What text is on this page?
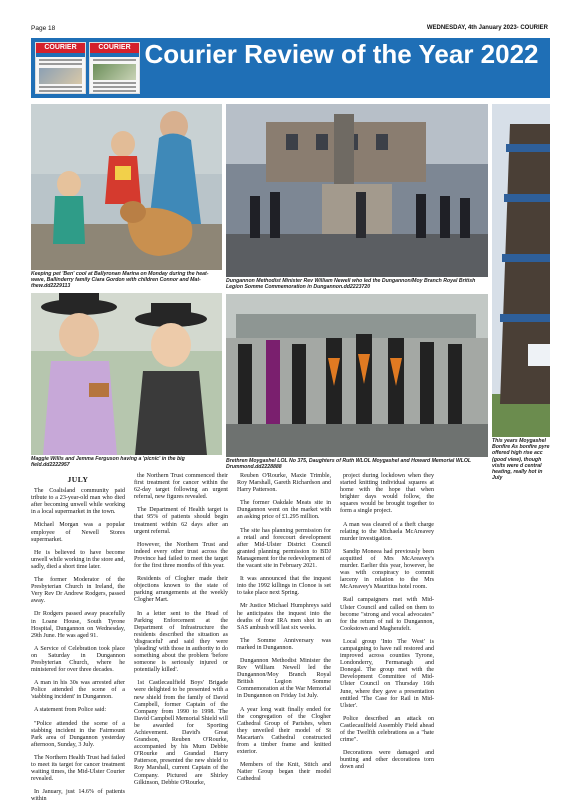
Page 18	WEDNESDAY, 4th January 2023- COURIER
COURIER	COURIER Courier Review of the Year 2022
Keeping pet 'Ben' cool at Ballyronan Marina on Monday during the heat-wave, Ballinderry family Ciara Gordon with children Connor and Mat-thew.dd2229113
Dungannon Methodist Minister Rev William Newell who led the Dungannon/Moy Branch Royal British Legion Somme Commemoration in Dungannon.dd2223720
This years Moygashel Bonfire As bonfire pyre offered high rise acc (good view), though visits were d central heating, really hot in July
Maggie Willis and Jemma Ferguson having a 'picnic' in the big field.dd2222957
Brethren Moygashel LOL No 375, Daughters of Ruth WLOL Moygashel and Howard Memorial WLOL Drummond.dd2228888
JULY

The Coalisland community paid tribute to a 23-year-old man who died after becoming unwell while working in a local supermarket in the town.

Michael Morgan was a popular employee of Newell Stores supermarket.

He is believed to have become unwell while working in the store and, sadly, died a short time later.

The former Moderator of the Presbyterian Church in Ireland, the Very Rev Dr Andrew Rodgers, passed away.

Dr Rodgers passed away peacefully in Loane House, South Tyrone Hospital, Dungannon on Wednesday, 29th June. He was aged 91.

A Service of Celebration took place on Saturday in Dungannon Presbyterian Church, where he ministered for over three decades.

A man in his 30s was arrested after Police attended the scene of a 'stabbing incident' in Dungannon.

A statement from Police said:

"Police attended the scene of a stabbing incident in the Fairmount Park area of Dungannon yesterday afternoon, Sunday, 3 July.

The Northern Health Trust had failed to meet its target for cancer treatment waiting times, the Mid-Ulster Courier revealed.

In January, just 14.6% of patients within

the Northern Trust commenced their first treatment for cancer within the 62-day target following an urgent referral, new figures revealed.

The Department of Health target is that 95% of patients should begin treatment within 62 days after an urgent referral.

However, the Northern Trust and indeed every other trust across the Province had failed to meet the target for the first three months of this year.

Residents of Clogher made their objections known to the state of parking arrangements at the weekly Clogher Mart.

In a letter sent to the Head of Parking Enforcement at the Department of Infrastructure the residents described the situation as 'disgraceful' and said they were 'pleading' with those in authority to do something about the problem 'before someone is seriously injured or potentially killed'.

1st Castlecaulfield Boys' Brigade were delighted to be presented with a new shield from the family of David Campbell, former Captain of the Company from 1990 to 1998. The David Campbell Memorial Shield will be awarded for Sporting Achievement. David's Great Grandson, Reuben O'Rourke, accompanied by his Mum Debbie O'Rourke and Grandad Harry Patterson, presented the new shield to Roy Marshall, current Captain of the Company. Pictured are Shirley Gilkinson, Debbie O'Rourke,

Reuben O'Rourke, Maxie Trimble, Roy Marshall, Gareth Richardson and Harry Patterson.

The former Oakdale Meats site in Dungannon went on the market with an asking price of £1.295 million.

The site has planning permission for a retail and forecourt development after Mid-Ulster District Council granted planning permission to BDJ Management for the redevelopment of the vacant site in February 2021.

It was announced that the inquest into the 1992 killings in Clonoe is set to take place next Spring.

Mr Justice Michael Humphreys said he anticipates the inquest into the deaths of four IRA men shot in an SAS ambush will last six weeks.

The Somme Anniversary was marked in Dungannon.

Dungannon Methodist Minister the Rev William Newell led the Dungannon/Moy Branch Royal British Legion Somme Commemoration at the War Memorial in Dungannon on Friday 1st July.

A year long wait finally ended for the congregation of the Clogher Cathedral Group of Parishes, when they unveiled their model of St Macartan's Cathedral constructed from a timber frame and knitted exterior.

Members of the Knit, Stitch and Natter Group began their model Cathedral

project during lockdown when they started knitting individual squares at home with the hope that when brighter days would follow, the squares would be brought together to form a single project.

A man was cleared of a theft charge relating to the Michaela McAreavey murder investigation.

Sandip Moneea had previously been acquitted of Mrs McAreavey's murder. Earlier this year, however, he was with conspiracy to commit larceny in relation to the Mrs McAreavey's Mauritius hotel room.

Rail campaigners met with Mid-Ulster Council and called on them to become "strong and vocal advocates" for the return of rail to Dungannon, Cookstown and Magherafelt.

Local group 'Into The West' is campaigning to have rail restored and improved across counties Tyrone, Londonderry, Fermanagh and Donegal. The group met with the Development Committee of Mid-Ulster Council on Thursday 16th June, where they gave a presentation entitled 'The Case for Rail in Mid-Ulster'.

Police described an attack on Castlecaulfield Assembly Field ahead of the Twelfth celebrations as a "hate crime".

Decorations were damaged and bunting and other decorations torn down and
